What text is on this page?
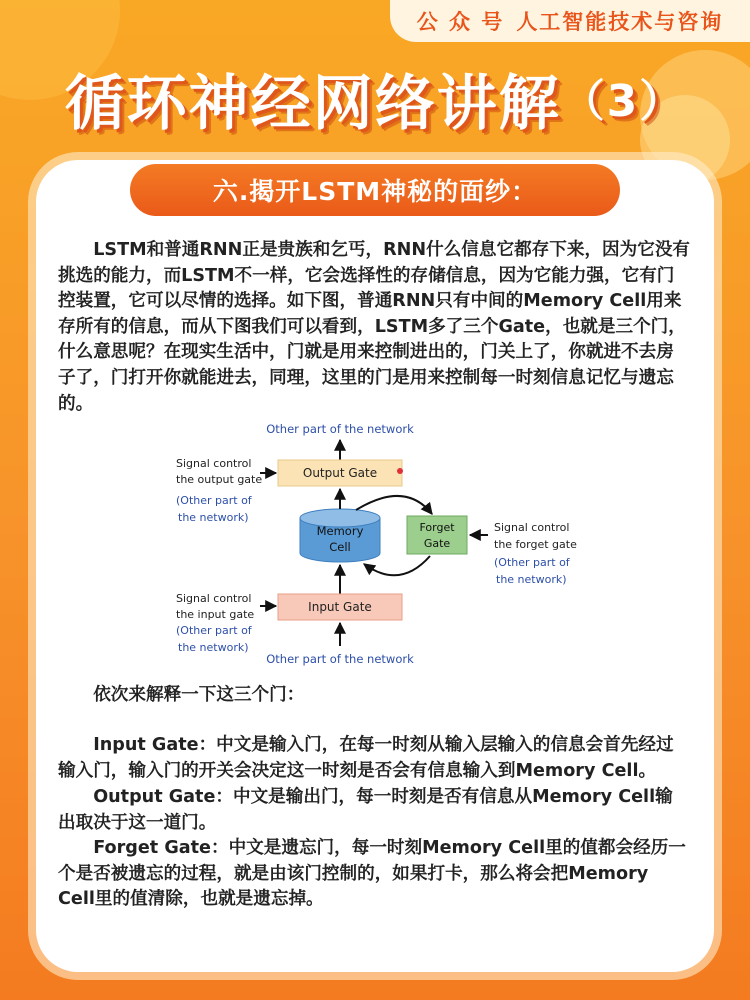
公 众 号 人工智能技术与咨询
循环神经网络讲解（3）
六.揭开LSTM神秘的面纱：

LSTM和普通RNN正是贵族和乞丐，RNN什么信息它都存下来，因为它没有挑选的能力，而LSTM不一样，它会选择性的存储信息，因为它能力强，它有门控装置，它可以尽情的选择。如下图，普通RNN只有中间的Memory Cell用来存所有的信息，而从下图我们可以看到，LSTM多了三个Gate，也就是三个门，什么意思呢？在现实生活中，门就是用来控制进出的，门关上了，你就进不去房子了，门打开你就能进去，同理，这里的门是用来控制每一时刻信息记忆与遗忘的。

Other part of the network
Output Gate
Signal control
the output gate
(Other part of
the network)
Memory
Cell
Forget
Gate
Signal control
the forget gate
(Other part of
the network)
Input Gate
Signal control
the input gate
(Other part of
the network)
Other part of the network

依次来解释一下这三个门：

Input Gate：中文是输入门，在每一时刻从输入层输入的信息会首先经过输入门，输入门的开关会决定这一时刻是否会有信息输入到Memory Cell。

Output Gate：中文是输出门，每一时刻是否有信息从Memory Cell输出取决于这一道门。

Forget Gate：中文是遗忘门，每一时刻Memory Cell里的值都会经历一个是否被遗忘的过程，就是由该门控制的，如果打卡，那么将会把Memory Cell里的值清除，也就是遗忘掉。
